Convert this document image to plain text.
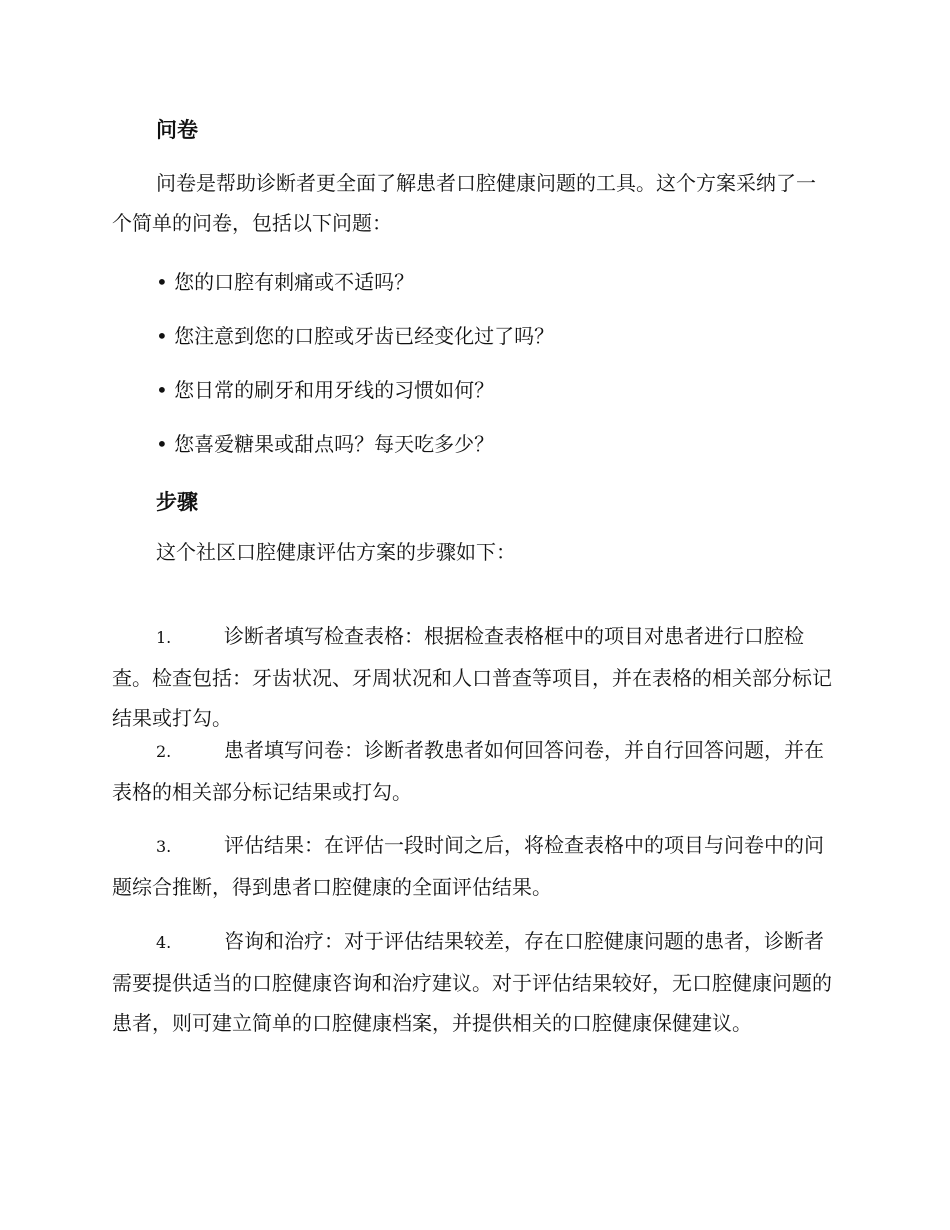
问卷

问卷是帮助诊断者更全面了解患者口腔健康问题的工具。这个方案采纳了一个简单的问卷，包括以下问题：

• 您的口腔有刺痛或不适吗？
• 您注意到您的口腔或牙齿已经变化过了吗？
• 您日常的刷牙和用牙线的习惯如何？
• 您喜爱糖果或甜点吗？每天吃多少？
步骤
这个社区口腔健康评估方案的步骤如下：

1.	诊断者填写检查表格：根据检查表格框中的项目对患者进行口腔检查。检查包括：牙齿状况、牙周状况和人口普查等项目，并在表格的相关部分标记结果或打勾。

2.	患者填写问卷：诊断者教患者如何回答问卷，并自行回答问题，并在表格的相关部分标记结果或打勾。

3.	评估结果：在评估一段时间之后，将检查表格中的项目与问卷中的问题综合推断，得到患者口腔健康的全面评估结果。

4.	咨询和治疗：对于评估结果较差，存在口腔健康问题的患者，诊断者需要提供适当的口腔健康咨询和治疗建议。对于评估结果较好，无口腔健康问题的患者，则可建立简单的口腔健康档案，并提供相关的口腔健康保健建议。
